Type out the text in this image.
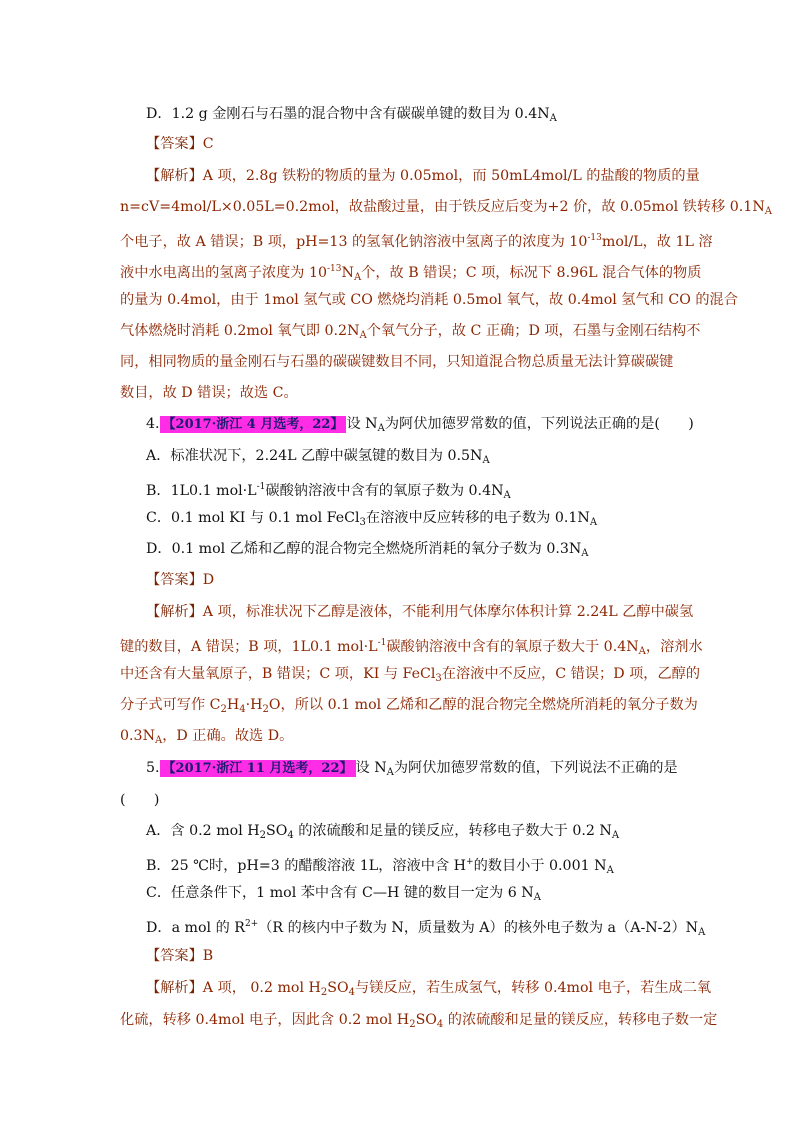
D．1.2 g 金刚石与石墨的混合物中含有碳碳单键的数目为 $0.4N_A$
【答案】C
【解析】A 项，2.8g 铁粉的物质的量为 0.05mol，而 50mL4mol/L 的盐酸的物质的量
n=cV=4mol/L×0.05L=0.2mol，故盐酸过量，由于铁反应后变为+2 价，故 0.05mol 铁转移 $0.1N_A$
个电子，故 A 错误；B 项，pH=13 的氢氧化钠溶液中氢离子的浓度为 $10^{-13}mol/L$，故 1L 溶
液中水电离出的氢离子浓度为 $10^{-13}N_A$个，故 B 错误；C 项，标况下 8.96L 混合气体的物质
的量为 0.4mol，由于 1mol 氢气或 CO 燃烧均消耗 0.5mol 氧气，故 0.4mol 氢气和 CO 的混合
气体燃烧时消耗 0.2mol 氧气即 $0.2N_A$个氧气分子，故 C 正确；D 项，石墨与金刚石结构不
同，相同物质的量金刚石与石墨的碳碳键数目不同，只知道混合物总质量无法计算碳碳键
数目，故 D 错误；故选 C。
4. 【2017·浙江 4 月选考，22】 设 $N_A$为阿伏加德罗常数的值，下列说法正确的是(　　)
A．标准状况下，2.24L 乙醇中碳氢键的数目为 $0.5N_A$
B．1L0.1 $mol\cdot L^{-1}$碳酸钠溶液中含有的氧原子数为 $0.4N_A$
C．0.1 mol KI 与 0.1 mol FeCl$_3$在溶液中反应转移的电子数为 $0.1N_A$
D．0.1 mol 乙烯和乙醇的混合物完全燃烧所消耗的氧分子数为 $0.3N_A$
【答案】D
【解析】A 项，标准状况下乙醇是液体，不能利用气体摩尔体积计算 2.24L 乙醇中碳氢
键的数目，A 错误；B 项，1L0.1 $mol\cdot L^{-1}$碳酸钠溶液中含有的氧原子数大于 $0.4N_A$，溶剂水
中还含有大量氧原子，B 错误；C 项，KI 与 FeCl$_3$在溶液中不反应，C 错误；D 项，乙醇的
分子式可写作 $C_2H_4\cdot H_2O$，所以 0.1 mol 乙烯和乙醇的混合物完全燃烧所消耗的氧分子数为
$0.3N_A$，D 正确。故选 D。
5. 【2017·浙江 11 月选考，22】 设 $N_A$为阿伏加德罗常数的值，下列说法不正确的是
(　　)
A．含 0.2 mol $H_2SO_4$ 的浓硫酸和足量的镁反应，转移电子数大于 0.2 $N_A$
B．25 ℃时，pH=3 的醋酸溶液 1L，溶液中含 H+的数目小于 0.001 $N_A$
C．任意条件下，1 mol 苯中含有 C—H 键的数目一定为 6 $N_A$
D．a mol 的 $R^{2+}(R$ 的核内中子数为 N，质量数为 A）的核外电子数为 $a(A-N-2)N_A$
【答案】B
【解析】A 项， 0.2 mol $H_2SO_4$与镁反应，若生成氢气，转移 0.4mol 电子，若生成二氧
化硫，转移 0.4mol 电子，因此含 0.2 mol $H_2SO_4$ 的浓硫酸和足量的镁反应，转移电子数一定
